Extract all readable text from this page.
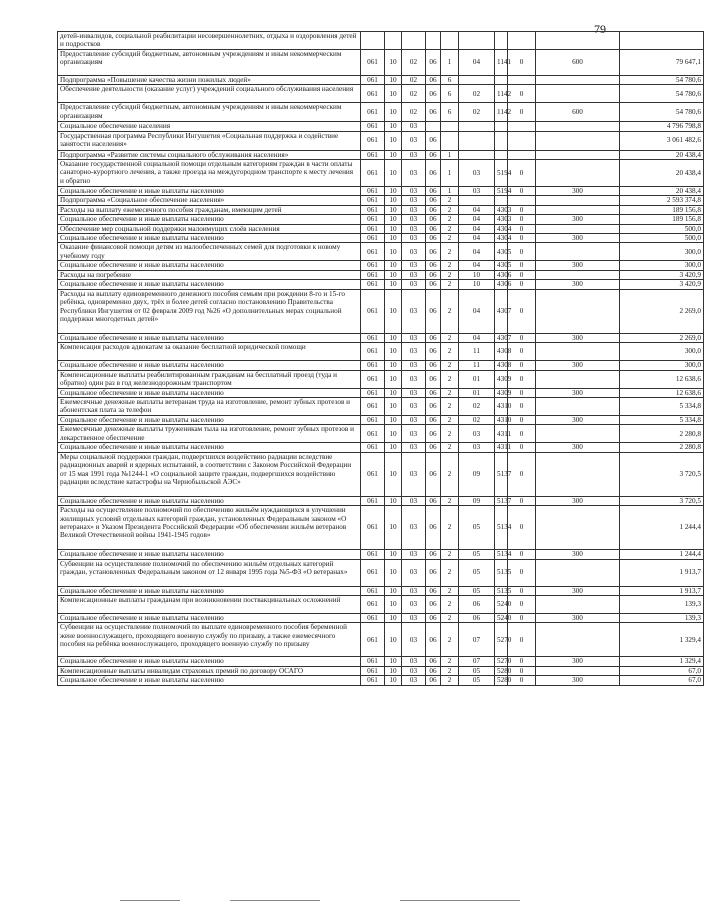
79
детей-инвалидов, социальной реабилитации несовершеннолетних, отдыха и оздоровления детей и подростков										
Предоставление субсидий бюджетным, автономным учреждениям и иным некоммерческим организациям	061	10	02	06	1	04	1141	0	600	79 647,1
Подпрограмма «Повышение качества жизни пожилых людей»	061	10	02	06	6					54 780,6
Обеспечение деятельности (оказание услуг) учреждений социального обслуживания населения	061	10	02	06	6	02	1142	0		54 780,6
Предоставление субсидий бюджетным, автономным учреждениям и иным некоммерческим организациям	061	10	02	06	6	02	1142	0	600	54 780,6
Социальное обеспечение населения	061	10	03							4 796 798,8
Государственная программа Республики Ингушетия «Социальная поддержка и содействие занятости населения»	061	10	03	06						3 061 482,6
Подпрограмма «Развитие системы социального обслуживания населения»	061	10	03	06	1					20 438,4
Оказание государственной социальной помощи отдельным категориям граждан в части оплаты санаторно-курортного лечения, а также проезда на междугородном транспорте к месту лечения и обратно	061	10	03	06	1	03	5194	0		20 438,4
Социальное обеспечение и иные выплаты населению	061	10	03	06	1	03	5194	0	300	20 438,4
Подпрограмма «Социальное обеспечение населения»	061	10	03	06	2					2 593 374,8
Расходы на выплату ежемесячного пособия гражданам, имеющим детей	061	10	03	06	2	04	4303	0		189 156,8
Социальное обеспечение и иные выплаты населению	061	10	03	06	2	04	4303	0	300	189 156,8
Обеспечение мер социальной поддержки малоимущих слоёв населения	061	10	03	06	2	04	4304	0		500,0
Социальное обеспечение и иные выплаты населению	061	10	03	06	2	04	4304	0	300	500,0
Оказание финансовой помощи детям из малообеспеченных семей для подготовки к новому учебному году	061	10	03	06	2	04	4305	0		300,0
Социальное обеспечение и иные выплаты населению	061	10	03	06	2	04	4305	0	300	300,0
Расходы на погребение	061	10	03	06	2	10	4306	0		3 420,9
Социальное обеспечение и иные выплаты населению	061	10	03	06	2	10	4306	0	300	3 420,9
Расходы на выплату единовременного денежного пособия семьям при рождении 8-го и 15-го ребёнка, одновременно двух, трёх и более детей согласно постановлению Правительства Республики Ингушетия от 02 февраля 2009 год №26 «О дополнительных мерах социальной поддержки многодетных детей»	061	10	03	06	2	04	4307	0		2 269,0
Социальное обеспечение и иные выплаты населению	061	10	03	06	2	04	4307	0	300	2 269,0
Компенсация расходов адвокатам за оказание бесплатной юридической помощи	061	10	03	06	2	11	4308	0		300,0
Социальное обеспечение и иные выплаты населению	061	10	03	06	2	11	4308	0	300	300,0
Компенсационные выплаты реабилитированным гражданам на бесплатный проезд (туда и обратно) один раз в год железнодорожным транспортом	061	10	03	06	2	01	4309	0		12 638,6
Социальное обеспечение и иные выплаты населению	061	10	03	06	2	01	4309	0	300	12 638,6
Ежемесячные денежные выплаты ветеранам труда на изготовление, ремонт зубных протезов и абонентская плата за телефон	061	10	03	06	2	02	4310	0		5 334,8
Социальное обеспечение и иные выплаты населению	061	10	03	06	2	02	4310	0	300	5 334,8
Ежемесячные денежные выплаты труженикам тыла на изготовление, ремонт зубных протезов и лекарственное обеспечение	061	10	03	06	2	03	4311	0		2 280,8
Социальное обеспечение и иные выплаты населению	061	10	03	06	2	03	4311	0	300	2 280,8
Меры социальной поддержки граждан, подвергшихся воздействию радиации вследствие радиационных аварий и ядерных испытаний, в соответствии с Законом Российской Федерации от 15 мая 1991 года №1244-1 «О социальной защите граждан, подвергшихся воздействию радиации вследствие катастрофы на Чернобыльской АЭС»	061	10	03	06	2	09	5137	0		3 720,5
Социальное обеспечение и иные выплаты населению	061	10	03	06	2	09	5137	0	300	3 720,5
Расходы на осуществление полномочий по обеспечению жильём нуждающихся в улучшении жилищных условий отдельных категорий граждан, установленных Федеральным законом «О ветеранах» и Указом Президента Российской Федерации «Об обеспечении жильём ветеранов Великой Отечественной войны 1941-1945 годов»	061	10	03	06	2	05	5134	0		1 244,4
Социальное обеспечение и иные выплаты населению	061	10	03	06	2	05	5134	0	300	1 244,4
Субвенции на осуществление полномочий по обеспечению жильём отдельных категорий граждан, установленных Федеральным законом от 12 января 1995 года №5-ФЗ «О ветеранах»	061	10	03	06	2	05	5135	0		1 913,7
Социальное обеспечение и иные выплаты населению	061	10	03	06	2	05	5135	0	300	1 913,7
Компенсационные выплаты гражданам при возникновении поствакцинальных осложнений	061	10	03	06	2	06	5240	0		139,3
Социальное обеспечение и иные выплаты населению	061	10	03	06	2	06	5240	0	300	139,3
Субвенции на осуществление полномочий по выплате единовременного пособия беременной жене военнослужащего, проходящего военную службу по призыву, а также ежемесячного пособия на ребёнка военнослужащего, проходящего военную службу по призыву	061	10	03	06	2	07	5270	0		1 329,4
Социальное обеспечение и иные выплаты населению	061	10	03	06	2	07	5270	0	300	1 329,4
Компенсационные выплаты инвалидам страховых премий по договору ОСАГО	061	10	03	06	2	05	5280	0		67,0
Социальное обеспечение и иные выплаты населению	061	10	03	06	2	05	5280	0	300	67,0
